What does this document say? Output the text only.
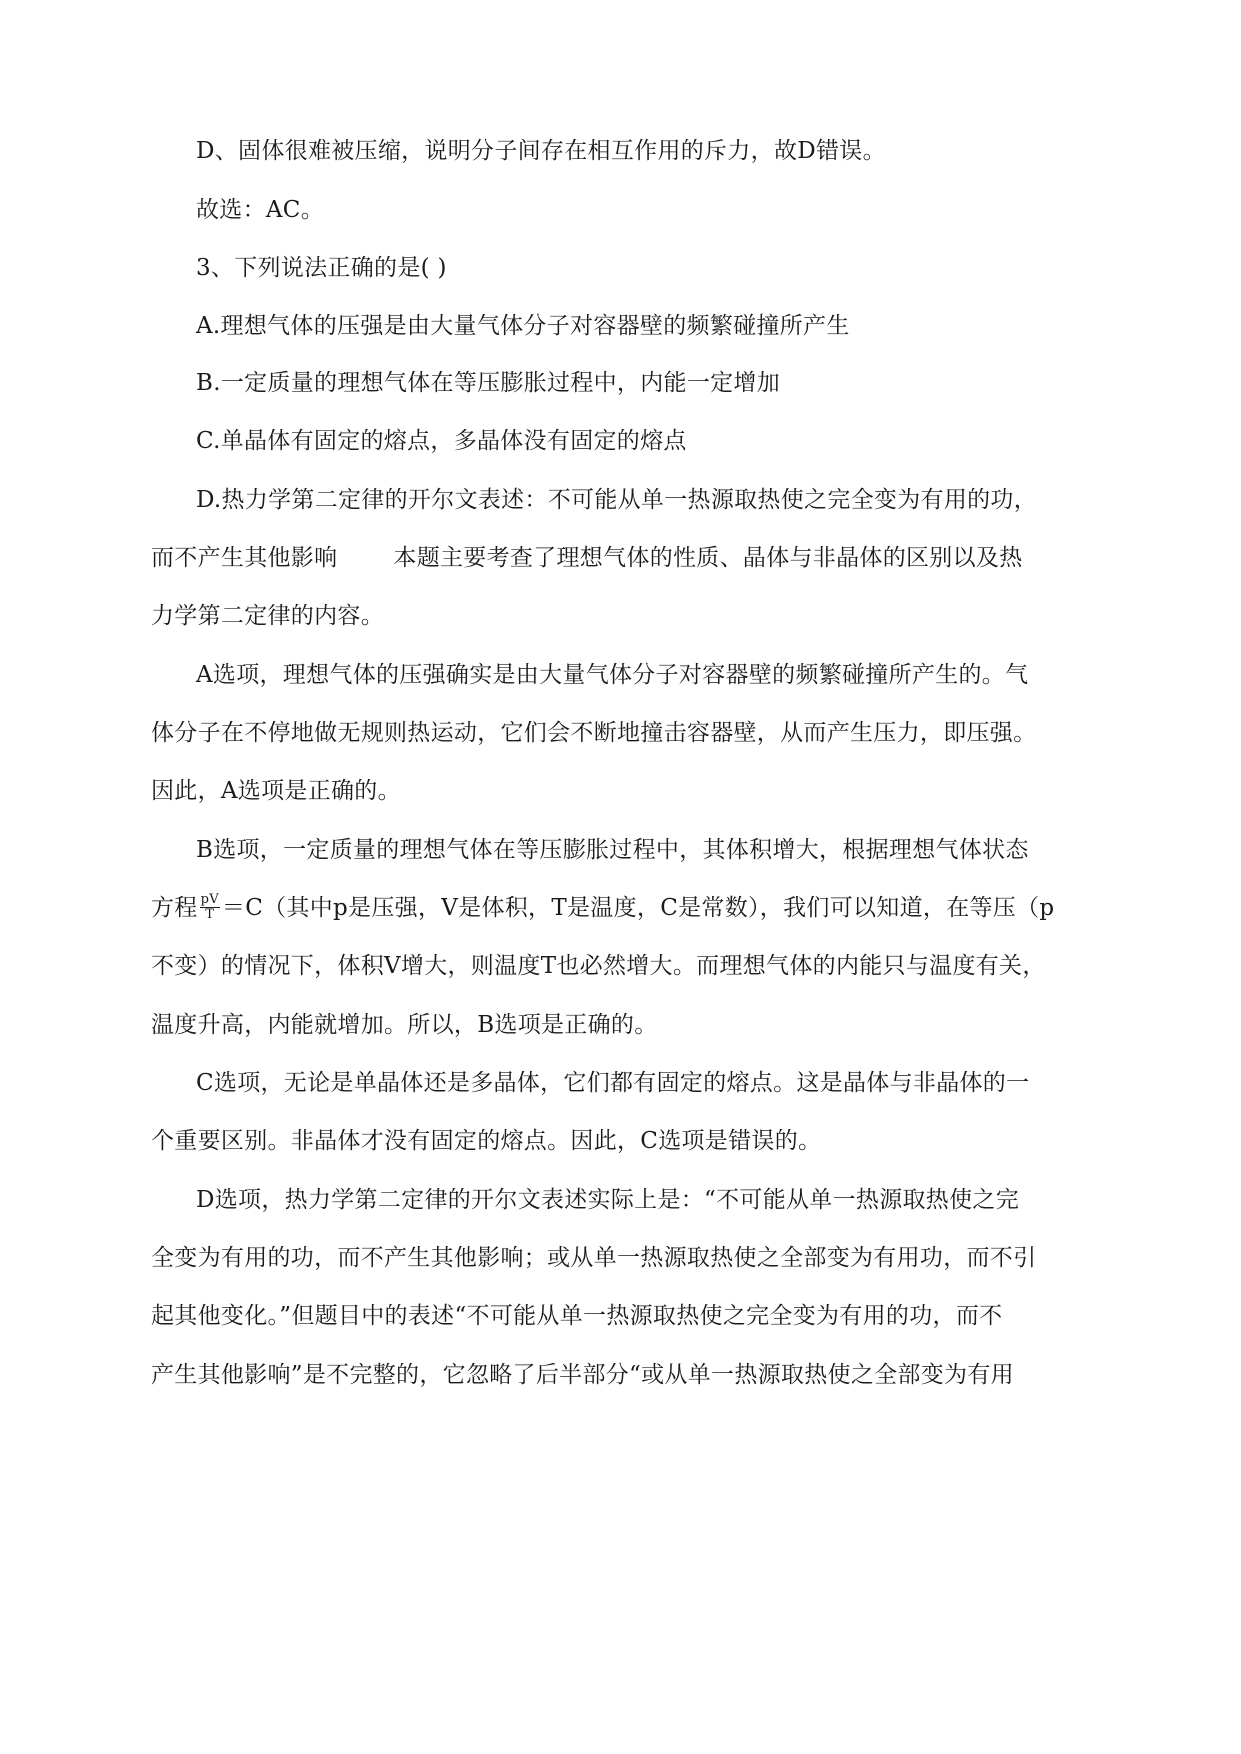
D、固体很难被压缩，说明分子间存在相互作用的斥力，故D错误。
故选：AC。
3、下列说法正确的是( )
A.理想气体的压强是由大量气体分子对容器壁的频繁碰撞所产生
B.一定质量的理想气体在等压膨胀过程中，内能一定增加
C.单晶体有固定的熔点，多晶体没有固定的熔点
D.热力学第二定律的开尔文表述：不可能从单一热源取热使之完全变为有用的功，
而不产生其他影响 本题主要考查了理想气体的性质、晶体与非晶体的区别以及热
力学第二定律的内容。
A选项，理想气体的压强确实是由大量气体分子对容器壁的频繁碰撞所产生的。气
体分子在不停地做无规则热运动，它们会不断地撞击容器壁，从而产生压力，即压强。
因此，A选项是正确的。
B选项，一定质量的理想气体在等压膨胀过程中，其体积增大，根据理想气体状态
方程 $\frac{pV}{T} =C$（其中p是压强，V是体积，T是温度，C是常数），我们可以知道，在等压（p
不变）的情况下，体积V增大，则温度T也必然增大。而理想气体的内能只与温度有关，
温度升高，内能就增加。所以，B选项是正确的。
C选项，无论是单晶体还是多晶体，它们都有固定的熔点。这是晶体与非晶体的一
个重要区别。非晶体才没有固定的熔点。因此，C选项是错误的。
D选项，热力学第二定律的开尔文表述实际上是：“不可能从单一热源取热使之完
全变为有用的功，而不产生其他影响；或从单一热源取热使之全部变为有用功，而不引
起其他变化。”但题目中的表述“不可能从单一热源取热使之完全变为有用的功，而不
产生其他影响”是不完整的，它忽略了后半部分“或从单一热源取热使之全部变为有用
